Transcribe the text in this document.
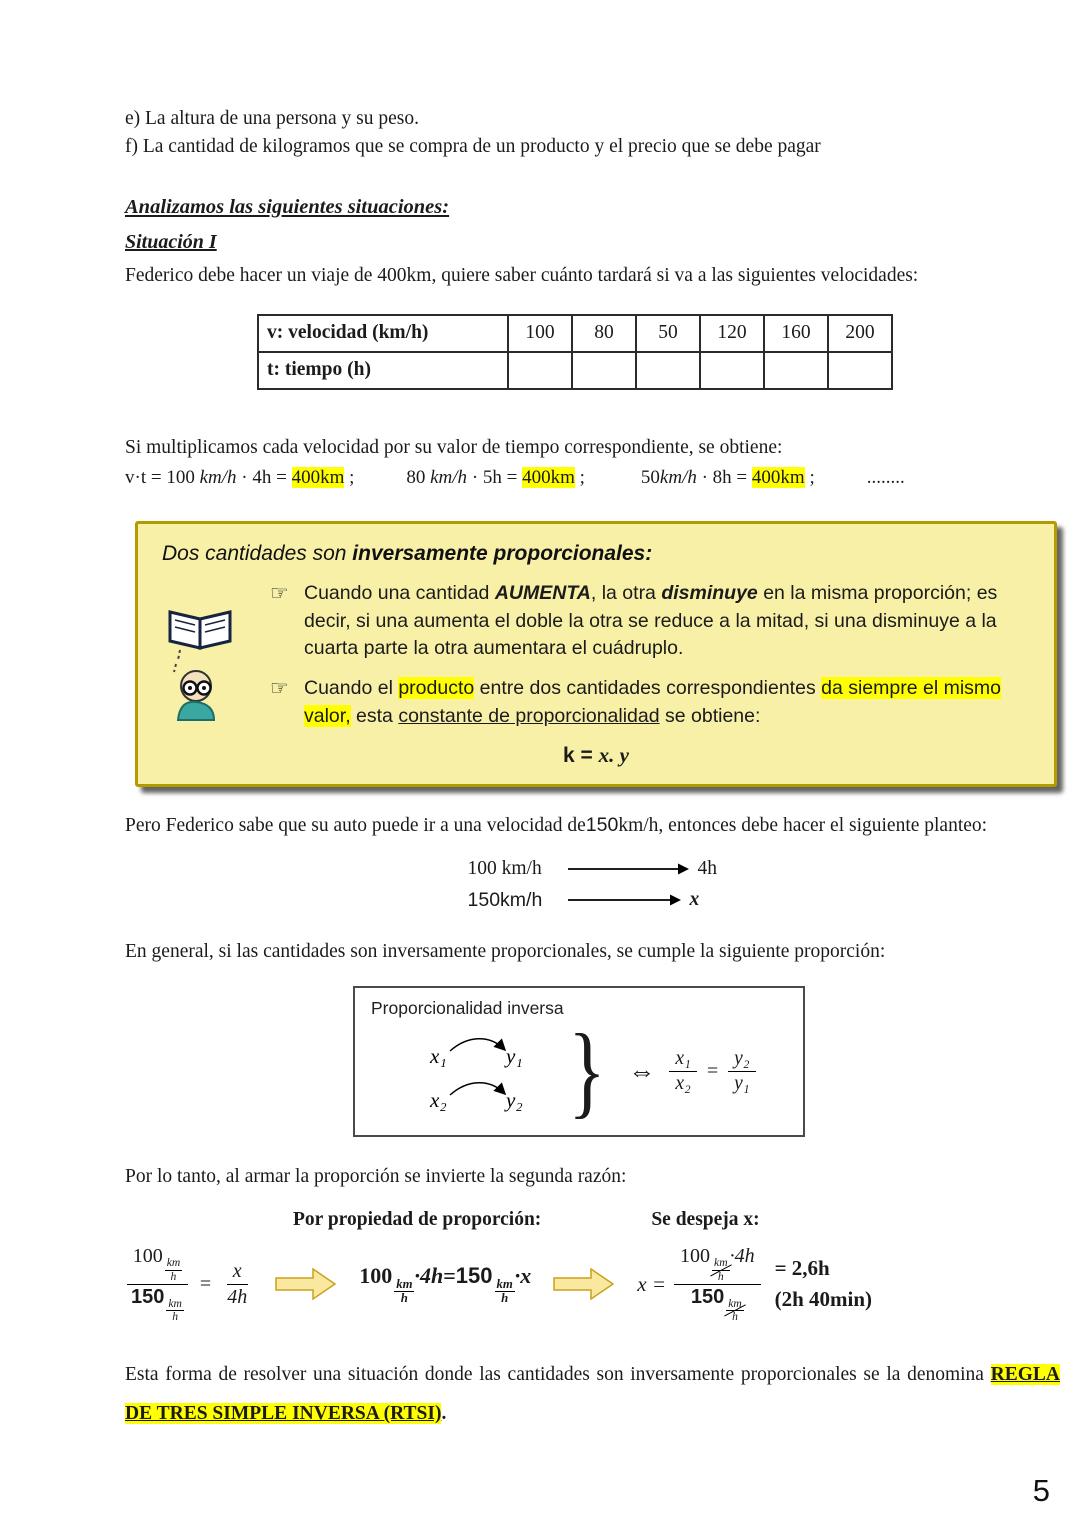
e) La altura de una persona y su peso.

f) La cantidad de kilogramos que se compra de un producto y el precio que se debe pagar

Analizamos las siguientes situaciones:

Situación I

Federico debe hacer un viaje de 400km, quiere saber cuánto tardará si va a las siguientes velocidades:

v: velocidad (km/h)	100	80	50	120	160	200
t: tiempo (h)						

Si multiplicamos cada velocidad por su valor de tiempo correspondiente, se obtiene:

v·t = 100 km/h · 4h = 400km ;	80 km/h · 5h = 400km ;	50km/h · 8h = 400km ;	........

Dos cantidades son inversamente proporcionales:

☞ Cuando una cantidad AUMENTA, la otra disminuye en la misma proporción; es decir, si una aumenta el doble la otra se reduce a la mitad, si una disminuye a la cuarta parte la otra aumentara el cuádruplo.
☞ Cuando el producto entre dos cantidades correspondientes da siempre el mismo valor, esta constante de proporcionalidad se obtiene:

k = x. y

Pero Federico sabe que su auto puede ir a una velocidad de150km/h, entonces debe hacer el siguiente planteo:

100 km/h	4h
150km/h	x

En general, si las cantidades son inversamente proporcionales, se cumple la siguiente proporción:

Proporcionalidad inversa

x₁	y₁
x₂	y₂ } ⇔ $\frac{\text{x₁}}{\text{x₂}} = \frac{\text{y₂}}{\text{y₁}}$

Por lo tanto, al armar la proporción se invierte la segunda razón:

Por propiedad de proporción:	Se despeja x:
100
$\frac{km}{h}$
150
$\frac{km}{h} = \frac{x}{4h}$	100
$\frac{km}{h}$
·4h=150
$\frac{km}{h}$
·x	x = 100
$\frac{km}{h}$
·4h
150
$\frac{km}{h} = 2,6h$
(2h 40min)

Esta forma de resolver una situación donde las cantidades son inversamente proporcionales se la denomina REGLA DE TRES SIMPLE INVERSA (RTSI).

5
